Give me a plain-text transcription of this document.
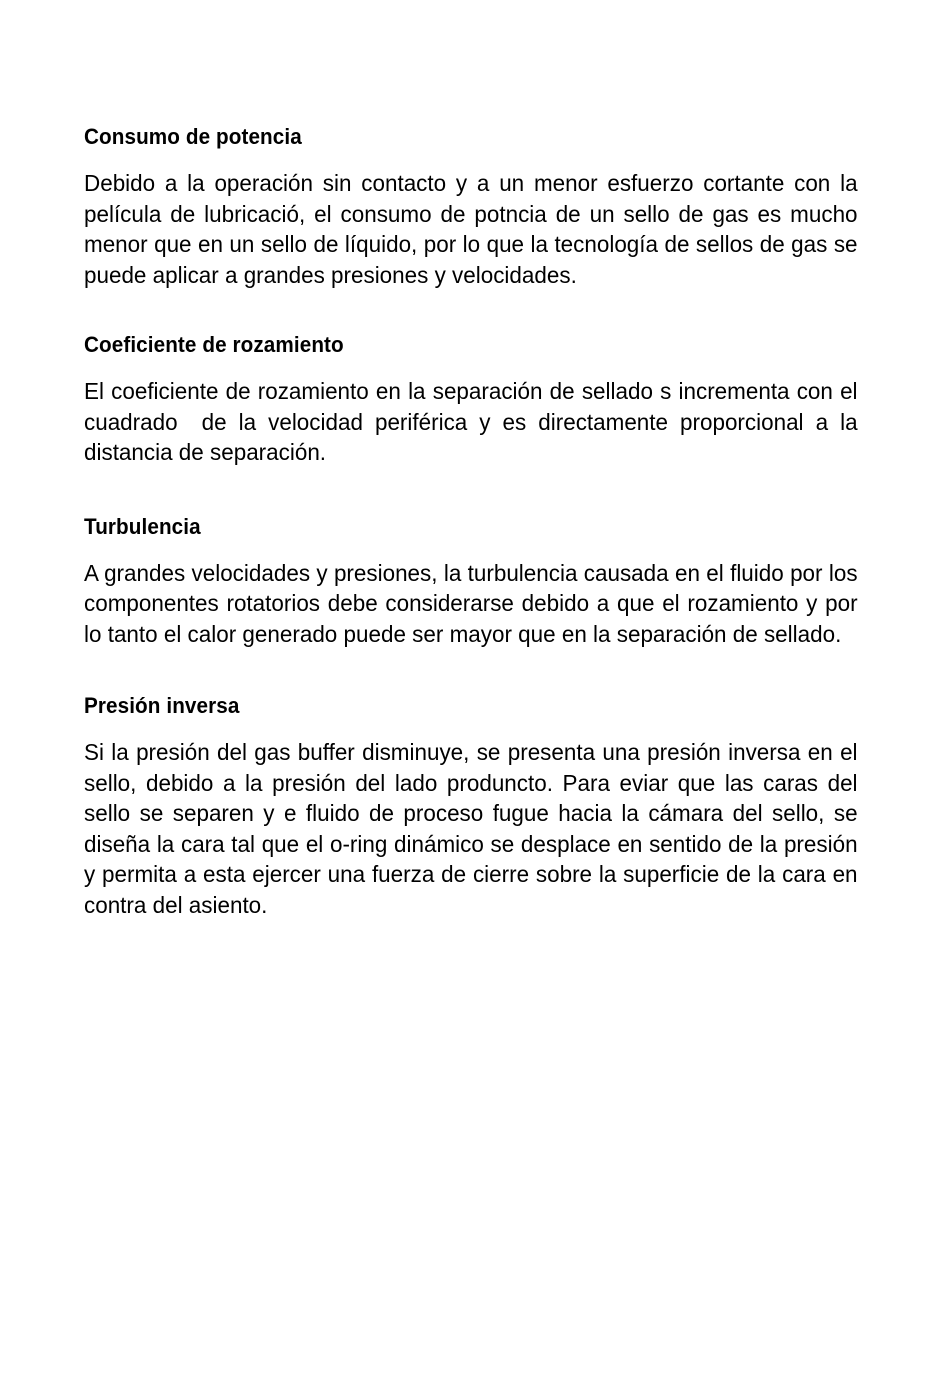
Consumo de potencia

Debido a la operación sin contacto y a un menor esfuerzo cortante con la película de lubricació, el consumo de potncia de un sello de gas es mucho menor que en un sello de líquido, por lo que la tecnología de sellos de gas se puede aplicar a grandes presiones y velocidades.

Coeficiente de rozamiento

El coeficiente de rozamiento en la separación de sellado s incrementa con el cuadrado  de la velocidad periférica y es directamente proporcional a la distancia de separación.

Turbulencia

A grandes velocidades y presiones, la turbulencia causada en el fluido por los componentes rotatorios debe considerarse debido a que el rozamiento y por lo tanto el calor generado puede ser mayor que en la separación de sellado.

Presión inversa

Si la presión del gas buffer disminuye, se presenta una presión inversa en el sello, debido a la presión del lado produncto. Para eviar que las caras del sello se separen y e fluido de proceso fugue hacia la cámara del sello, se diseña la cara tal que el o-ring dinámico se desplace en sentido de la presión y permita a esta ejercer una fuerza de cierre sobre la superficie de la cara en contra del asiento.
